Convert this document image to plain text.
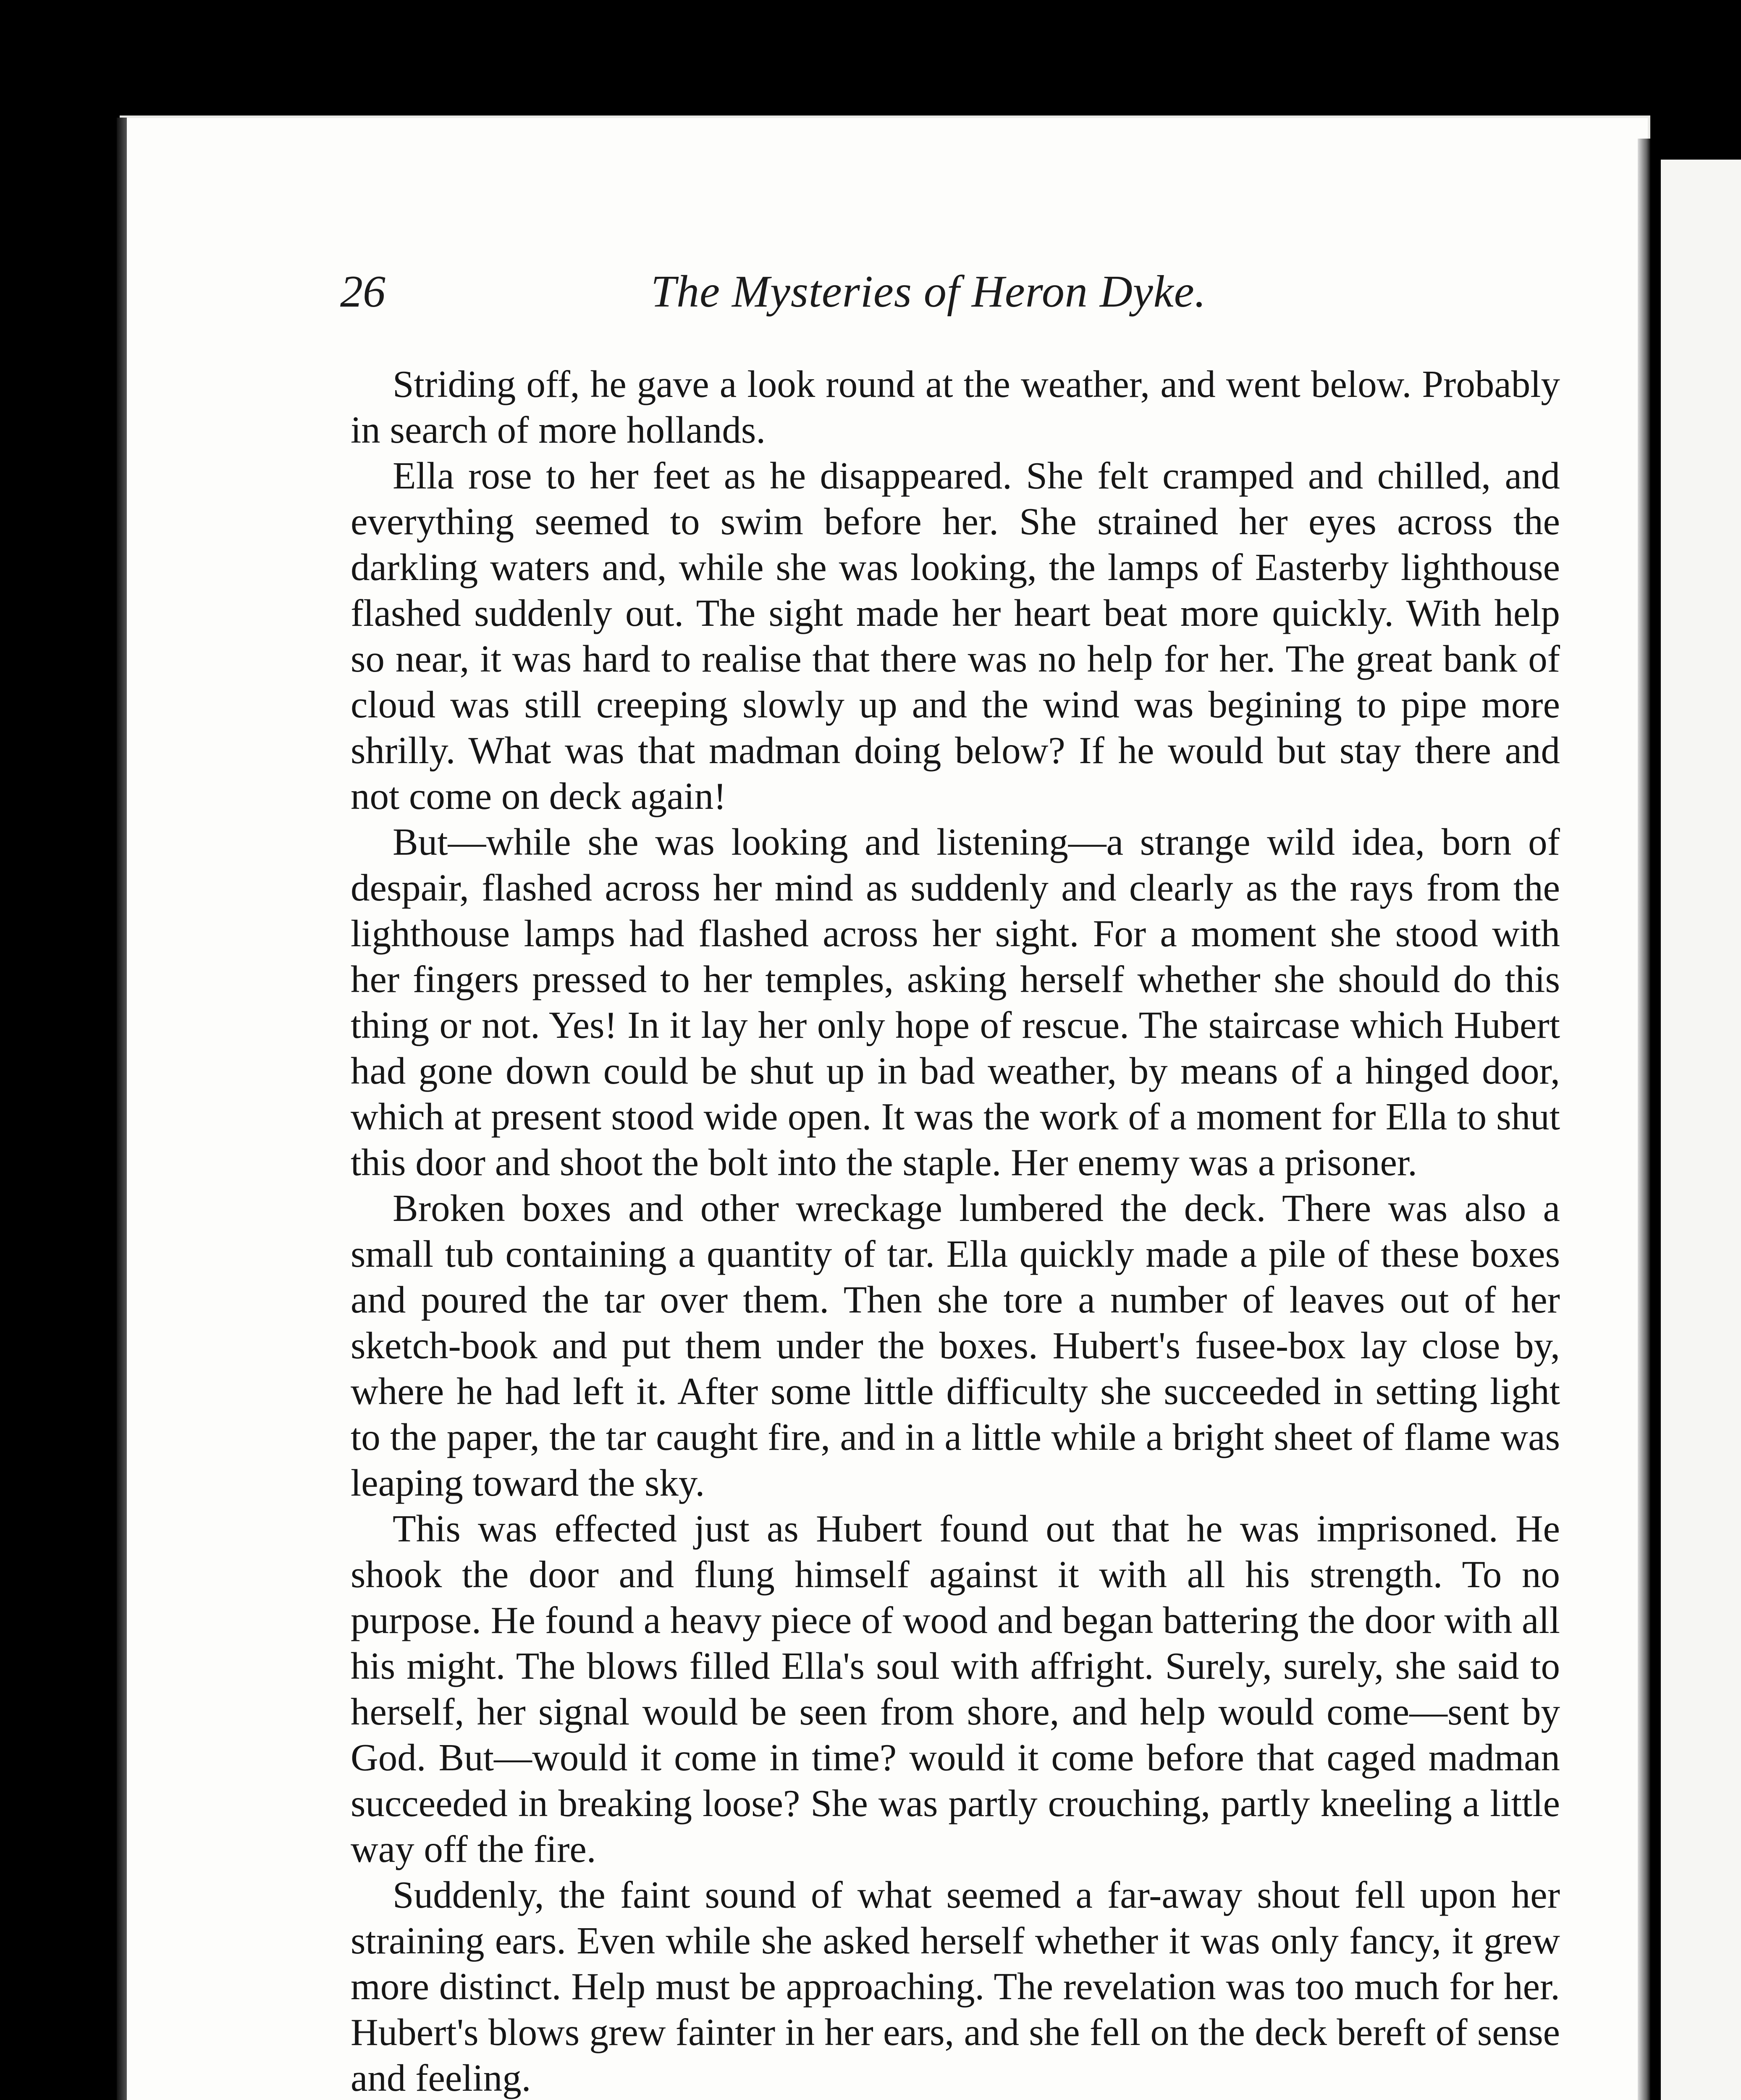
26	The Mysteries of Heron Dyke.

Striding off, he gave a look round at the weather, and went below. Probably in search of more hollands.

Ella rose to her feet as he disappeared. She felt cramped and chilled, and everything seemed to swim before her. She strained her eyes across the darkling waters and, while she was looking, the lamps of Easterby lighthouse flashed suddenly out. The sight made her heart beat more quickly. With help so near, it was hard to realise that there was no help for her. The great bank of cloud was still creeping slowly up and the wind was begining to pipe more shrilly. What was that madman doing below? If he would but stay there and not come on deck again!

But—while she was looking and listening—a strange wild idea, born of despair, flashed across her mind as suddenly and clearly as the rays from the lighthouse lamps had flashed across her sight. For a moment she stood with her fingers pressed to her temples, asking herself whether she should do this thing or not. Yes! In it lay her only hope of rescue. The staircase which Hubert had gone down could be shut up in bad weather, by means of a hinged door, which at present stood wide open. It was the work of a moment for Ella to shut this door and shoot the bolt into the staple. Her enemy was a prisoner.

Broken boxes and other wreckage lumbered the deck. There was also a small tub containing a quantity of tar. Ella quickly made a pile of these boxes and poured the tar over them. Then she tore a number of leaves out of her sketch-book and put them under the boxes. Hubert's fusee-box lay close by, where he had left it. After some little difficulty she succeeded in setting light to the paper, the tar caught fire, and in a little while a bright sheet of flame was leaping toward the sky.

This was effected just as Hubert found out that he was imprisoned. He shook the door and flung himself against it with all his strength. To no purpose. He found a heavy piece of wood and began battering the door with all his might. The blows filled Ella's soul with affright. Surely, surely, she said to herself, her signal would be seen from shore, and help would come—sent by God. But—would it come in time? would it come before that caged madman succeeded in breaking loose? She was partly crouching, partly kneeling a little way off the fire.

Suddenly, the faint sound of what seemed a far-away shout fell upon her straining ears. Even while she asked herself whether it was only fancy, it grew more distinct. Help must be approaching. The revelation was too much for her. Hubert's blows grew fainter in her ears, and she fell on the deck bereft of sense and feeling.
